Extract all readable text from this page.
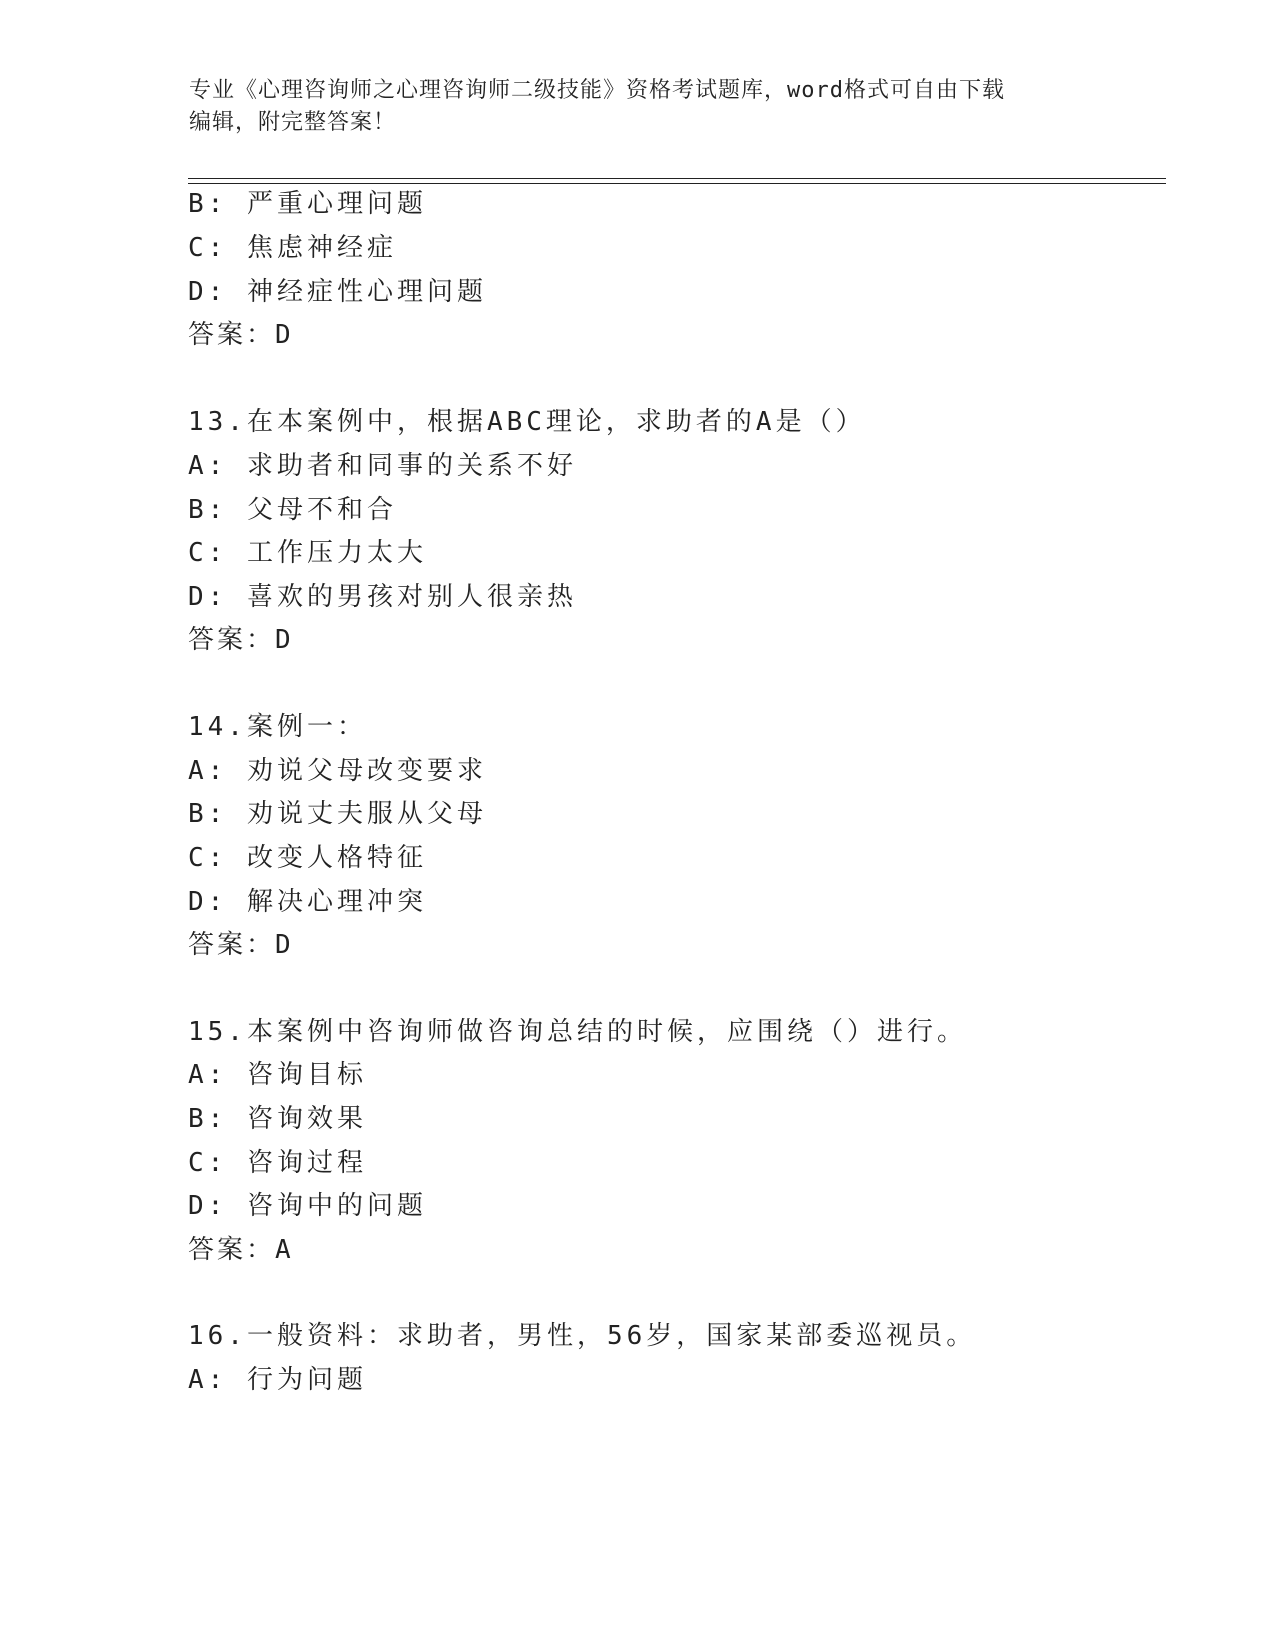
专业《心理咨询师之心理咨询师二级技能》资格考试题库，word格式可自由下载
编辑，附完整答案！
B: 严重心理问题
C: 焦虑神经症
D: 神经症性心理问题
答案：D
13.在本案例中，根据ABC理论，求助者的A是（）
A: 求助者和同事的关系不好
B: 父母不和合
C: 工作压力太大
D: 喜欢的男孩对别人很亲热
答案：D
14.案例一：
A: 劝说父母改变要求
B: 劝说丈夫服从父母
C: 改变人格特征
D: 解决心理冲突
答案：D
15.本案例中咨询师做咨询总结的时候，应围绕（）进行。
A: 咨询目标
B: 咨询效果
C: 咨询过程
D: 咨询中的问题
答案：A
16.一般资料：求助者，男性，56岁，国家某部委巡视员。
A: 行为问题
